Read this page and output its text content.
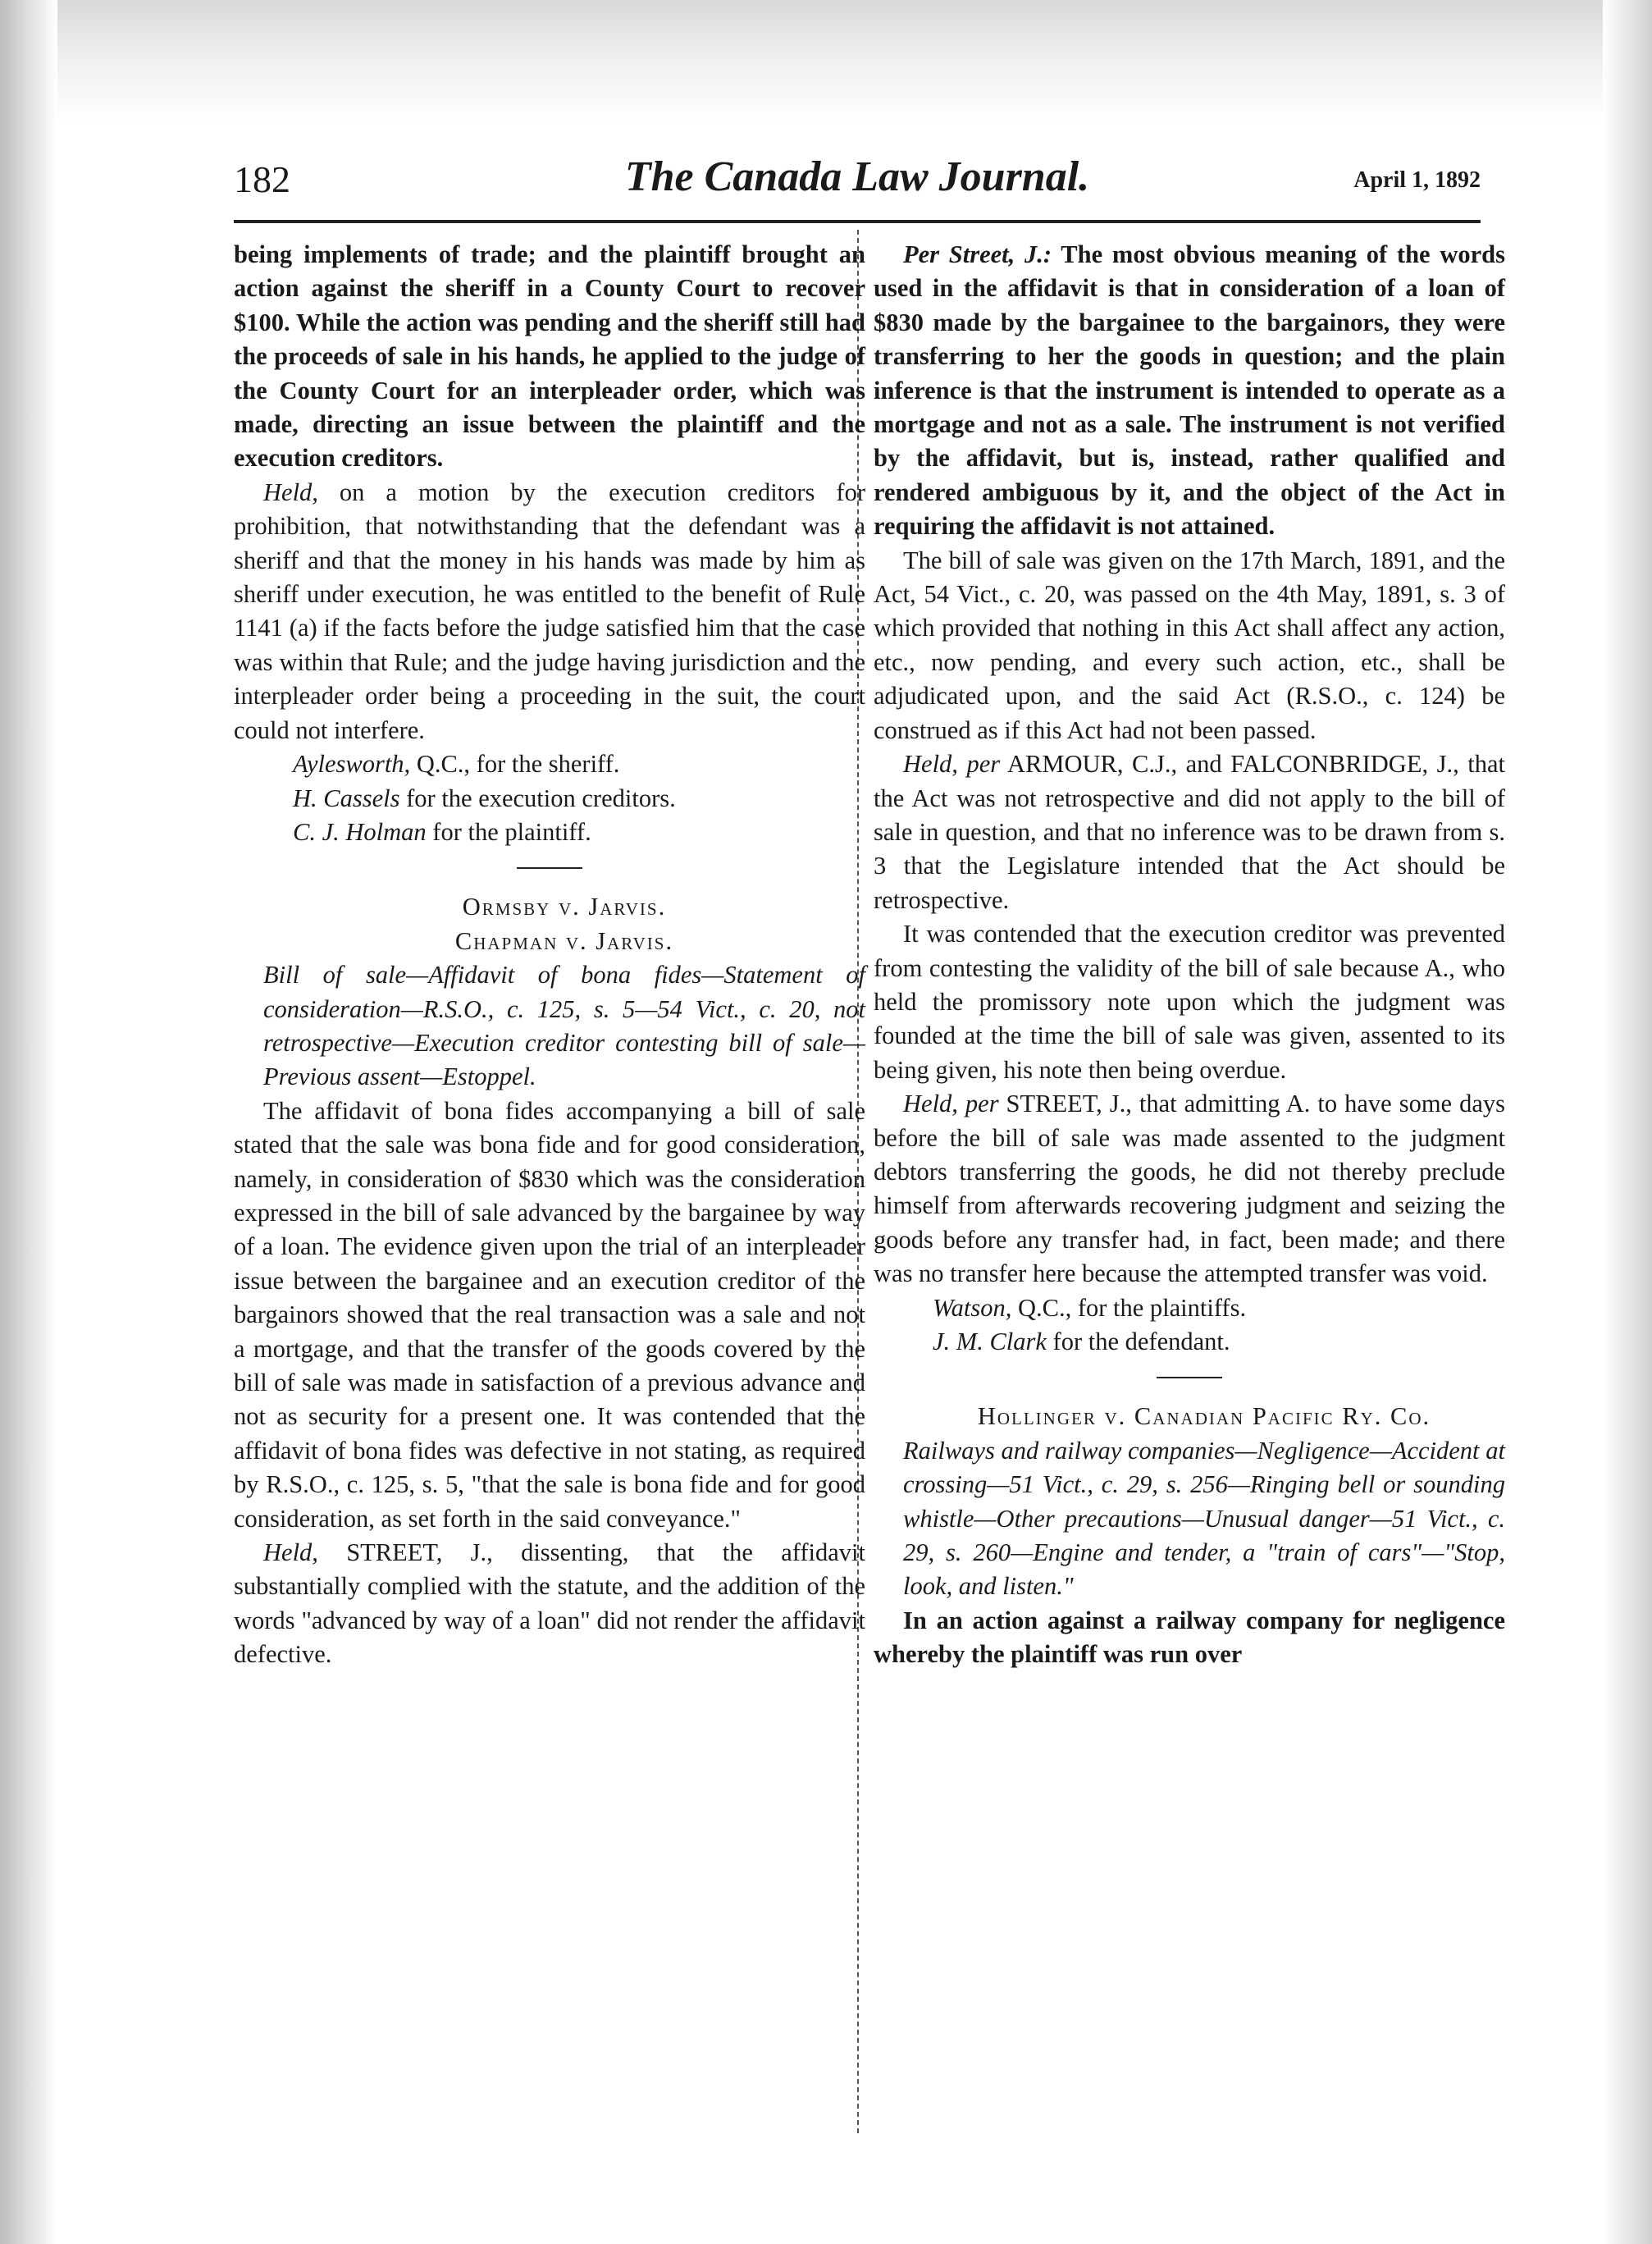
182	The Canada Law Journal.	April 1, 1892

being implements of trade; and the plaintiff brought an action against the sheriff in a County Court to recover $100. While the action was pending and the sheriff still had the proceeds of sale in his hands, he applied to the judge of the County Court for an interpleader order, which was made, directing an issue between the plaintiff and the execution creditors.

Held, on a motion by the execution creditors for prohibition, that notwithstanding that the defendant was a sheriff and that the money in his hands was made by him as sheriff under execution, he was entitled to the benefit of Rule 1141 (a) if the facts before the judge satisfied him that the case was within that Rule; and the judge having jurisdiction and the interpleader order being a proceeding in the suit, the court could not interfere.

Aylesworth, Q.C., for the sheriff.

H. Cassels for the execution creditors.

C. J. Holman for the plaintiff.

Ormsby v. Jarvis.

Chapman v. Jarvis.

Bill of sale—Affidavit of bona fides—Statement of consideration—R.S.O., c. 125, s. 5—54 Vict., c. 20, not retrospective—Execution creditor contesting bill of sale—Previous assent—Estoppel.

The affidavit of bona fides accompanying a bill of sale stated that the sale was bona fide and for good consideration, namely, in consideration of $830 which was the consideration expressed in the bill of sale advanced by the bargainee by way of a loan. The evidence given upon the trial of an interpleader issue between the bargainee and an execution creditor of the bargainors showed that the real transaction was a sale and not a mortgage, and that the transfer of the goods covered by the bill of sale was made in satisfaction of a previous advance and not as security for a present one. It was contended that the affidavit of bona fides was defective in not stating, as required by R.S.O., c. 125, s. 5, "that the sale is bona fide and for good consideration, as set forth in the said conveyance."

Held, STREET, J., dissenting, that the affidavit substantially complied with the statute, and the addition of the words "advanced by way of a loan" did not render the affidavit defective.

Per Street, J.: The most obvious meaning of the words used in the affidavit is that in consideration of a loan of $830 made by the bargainee to the bargainors, they were transferring to her the goods in question; and the plain inference is that the instrument is intended to operate as a mortgage and not as a sale. The instrument is not verified by the affidavit, but is, instead, rather qualified and rendered ambiguous by it, and the object of the Act in requiring the affidavit is not attained.

The bill of sale was given on the 17th March, 1891, and the Act, 54 Vict., c. 20, was passed on the 4th May, 1891, s. 3 of which provided that nothing in this Act shall affect any action, etc., now pending, and every such action, etc., shall be adjudicated upon, and the said Act (R.S.O., c. 124) be construed as if this Act had not been passed.

Held, per ARMOUR, C.J., and FALCONBRIDGE, J., that the Act was not retrospective and did not apply to the bill of sale in question, and that no inference was to be drawn from s. 3 that the Legislature intended that the Act should be retrospective.

It was contended that the execution creditor was prevented from contesting the validity of the bill of sale because A., who held the promissory note upon which the judgment was founded at the time the bill of sale was given, assented to its being given, his note then being overdue.

Held, per STREET, J., that admitting A. to have some days before the bill of sale was made assented to the judgment debtors transferring the goods, he did not thereby preclude himself from afterwards recovering judgment and seizing the goods before any transfer had, in fact, been made; and there was no transfer here because the attempted transfer was void.

Watson, Q.C., for the plaintiffs.

J. M. Clark for the defendant.

Hollinger v. Canadian Pacific Ry. Co.

Railways and railway companies—Negligence—Accident at crossing—51 Vict., c. 29, s. 256—Ringing bell or sounding whistle—Other precautions—Unusual danger—51 Vict., c. 29, s. 260—Engine and tender, a "train of cars"—"Stop, look, and listen."

In an action against a railway company for negligence whereby the plaintiff was run over
